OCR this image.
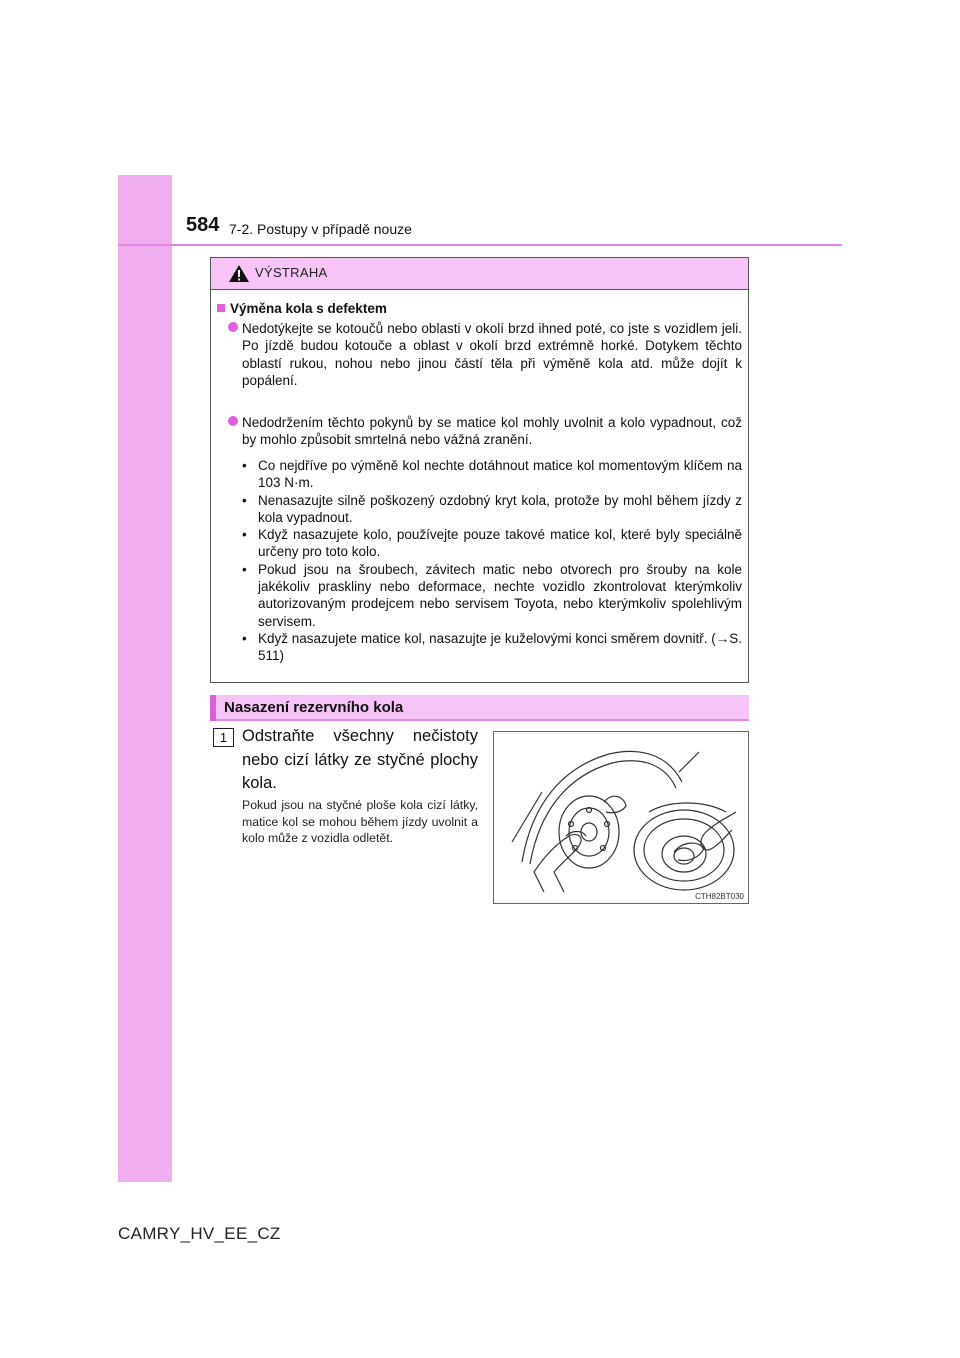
584 7-2. Postupy v případě nouze
VÝSTRAHA
Výměna kola s defektem
Nedotýkejte se kotoučů nebo oblasti v okolí brzd ihned poté, co jste s vozidlem jeli. Po jízdě budou kotouče a oblast v okolí brzd extrémně horké. Dotykem těchto oblastí rukou, nohou nebo jinou částí těla při výměně kola atd. může dojít k popálení.
Nedodržením těchto pokynů by se matice kol mohly uvolnit a kolo vypadnout, což by mohlo způsobit smrtelná nebo vážná zranění.
• Co nejdříve po výměně kol nechte dotáhnout matice kol momentovým klíčem na 103 N·m.
• Nenasazujte silně poškozený ozdobný kryt kola, protože by mohl během jízdy z kola vypadnout.
• Když nasazujete kolo, používejte pouze takové matice kol, které byly speciálně určeny pro toto kolo.
• Pokud jsou na šroubech, závitech matic nebo otvorech pro šrouby na kole jakékoliv praskliny nebo deformace, nechte vozidlo zkontrolovat kterýmkoliv autorizovaným prodejcem nebo servisem Toyota, nebo kterýmkoliv spolehlivým servisem.
• Když nasazujete matice kol, nasazujte je kuželovými konci směrem dovnitř. (→S. 511)
Nasazení rezervního kola
1 Odstraňte všechny nečistoty nebo cizí látky ze styčné plochy kola.
Pokud jsou na styčné ploše kola cizí látky, matice kol se mohou během jízdy uvolnit a kolo může z vozidla odletět.
CTH82BT030
CAMRY_HV_EE_CZ
